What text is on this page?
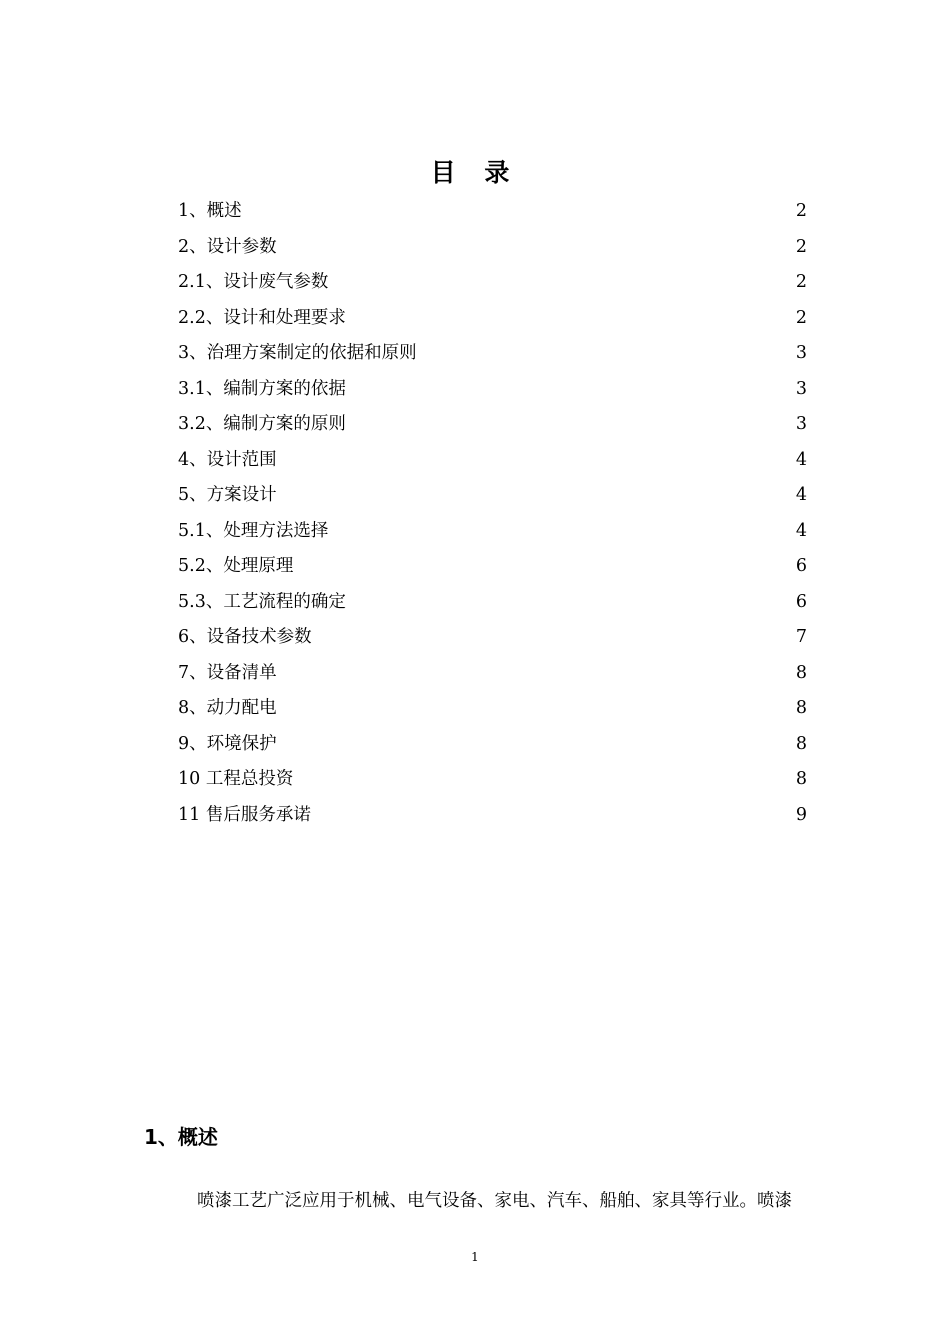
目 录
1、概述	2
2、设计参数	2
2.1、设计废气参数	2
2.2、设计和处理要求	2
3、治理方案制定的依据和原则	3
3.1、编制方案的依据	3
3.2、编制方案的原则	3
4、设计范围	4
5、方案设计	4
5.1、处理方法选择	4
5.2、处理原理	6
5.3、工艺流程的确定	6
6、设备技术参数	7
7、设备清单	8
8、动力配电	8
9、环境保护	8
10 工程总投资	8
11 售后服务承诺	9
1、概述

喷漆工艺广泛应用于机械、电气设备、家电、汽车、船舶、家具等行业。喷漆

1
